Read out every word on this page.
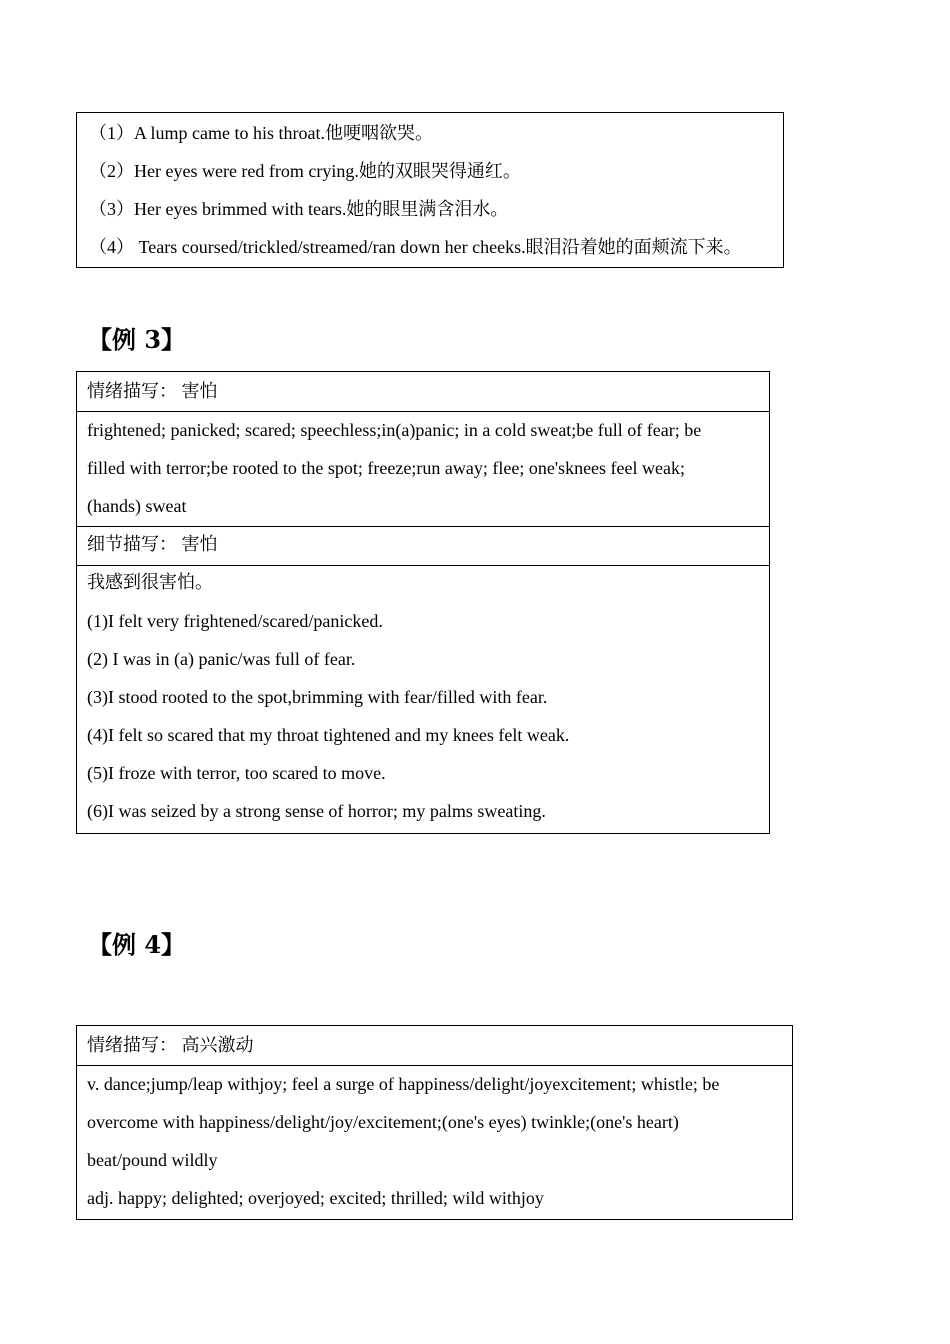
（1）A lump came to his throat.他哽咽欲哭。
（2）Her eyes were red from crying.她的双眼哭得通红。
（3）Her eyes brimmed with tears.她的眼里满含泪水。
（4） Tears coursed/trickled/streamed/ran down her cheeks.眼泪沿着她的面颊流下来。
【例 3】
情绪描写： 害怕
frightened; panicked; scared; speechless;in(a)panic; in a cold sweat;be full of fear; be
filled with terror;be rooted to the spot; freeze;run away; flee; one'sknees feel weak;
(hands) sweat
细节描写： 害怕
我感到很害怕。
(1)I felt very frightened/scared/panicked.
(2) I was in (a) panic/was full of fear.
(3)I stood rooted to the spot,brimming with fear/filled with fear.
(4)I felt so scared that my throat tightened and my knees felt weak.
(5)I froze with terror, too scared to move.
(6)I was seized by a strong sense of horror; my palms sweating.
【例 4】
情绪描写： 高兴激动
v. dance;jump/leap withjoy; feel a surge of happiness/delight/joyexcitement; whistle; be
overcome with happiness/delight/joy/excitement;(one's eyes) twinkle;(one's heart)
beat/pound wildly
adj. happy; delighted; overjoyed; excited; thrilled; wild withjoy
